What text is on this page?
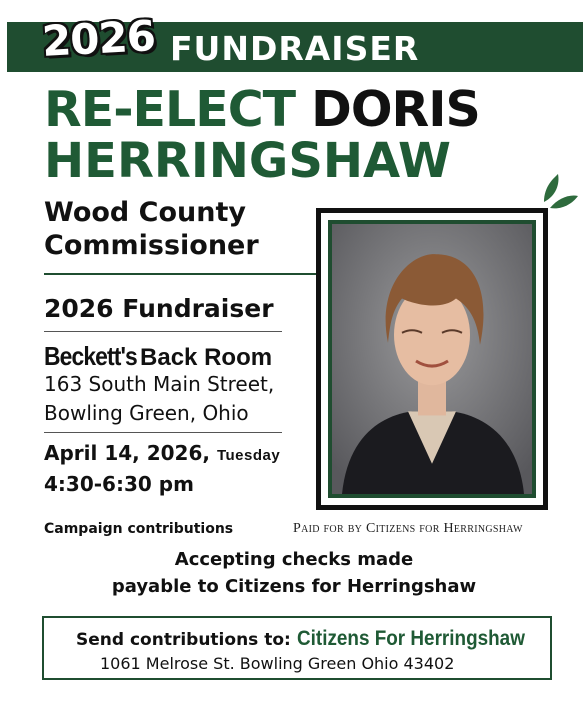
2026 FUNDRAISER
RE-ELECT DORIS
HERRINGSHAW
Wood County
Commissioner
2026 Fundraiser
Beckett's Back Room
163 South Main Street,
Bowling Green, Ohio
April 14, 2026, Tuesday
4:30-6:30 pm
Campaign contributions	Paid for by Citizens for Herringshaw
Accepting checks made
payable to Citizens for Herringshaw
Send contributions to: Citizens For Herringshaw
1061 Melrose St. Bowling Green Ohio 43402
